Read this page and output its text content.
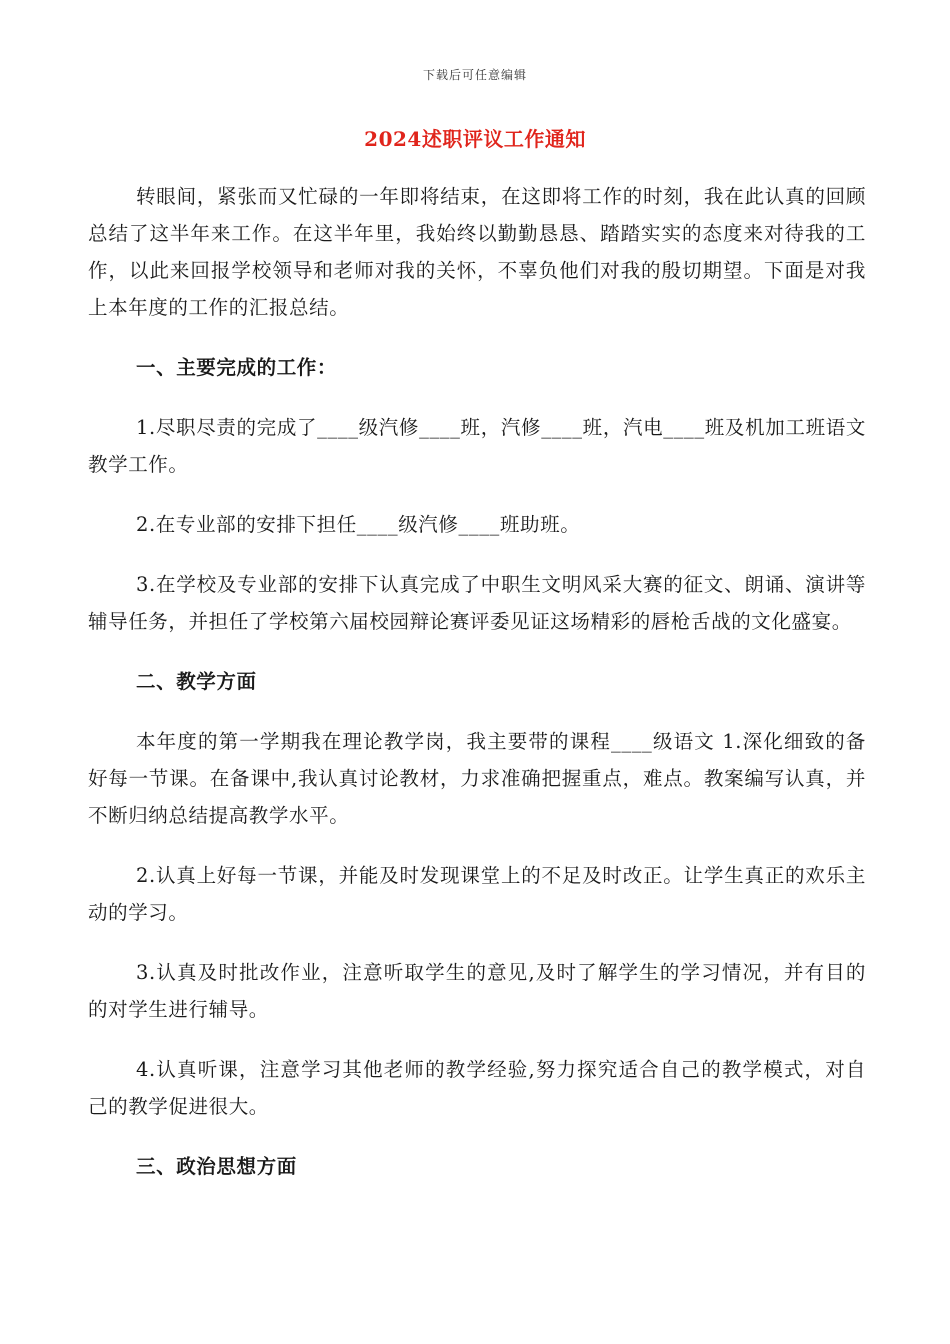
下载后可任意编辑
2024述职评议工作通知

转眼间，紧张而又忙碌的一年即将结束，在这即将工作的时刻，我在此认真的回顾总结了这半年来工作。在这半年里，我始终以勤勤恳恳、踏踏实实的态度来对待我的工作，以此来回报学校领导和老师对我的关怀，不辜负他们对我的殷切期望。下面是对我上本年度的工作的汇报总结。

一、主要完成的工作：

1.尽职尽责的完成了____级汽修____班，汽修____班，汽电____班及机加工班语文教学工作。

2.在专业部的安排下担任____级汽修____班助班。

3.在学校及专业部的安排下认真完成了中职生文明风采大赛的征文、朗诵、演讲等辅导任务，并担任了学校第六届校园辩论赛评委见证这场精彩的唇枪舌战的文化盛宴。

二、教学方面

本年度的第一学期我在理论教学岗，我主要带的课程____级语文 1.深化细致的备好每一节课。在备课中,我认真讨论教材，力求准确把握重点，难点。教案编写认真，并不断归纳总结提高教学水平。

2.认真上好每一节课，并能及时发现课堂上的不足及时改正。让学生真正的欢乐主动的学习。

3.认真及时批改作业，注意听取学生的意见,及时了解学生的学习情况，并有目的的对学生进行辅导。

4.认真听课，注意学习其他老师的教学经验,努力探究适合自己的教学模式，对自己的教学促进很大。

三、政治思想方面
